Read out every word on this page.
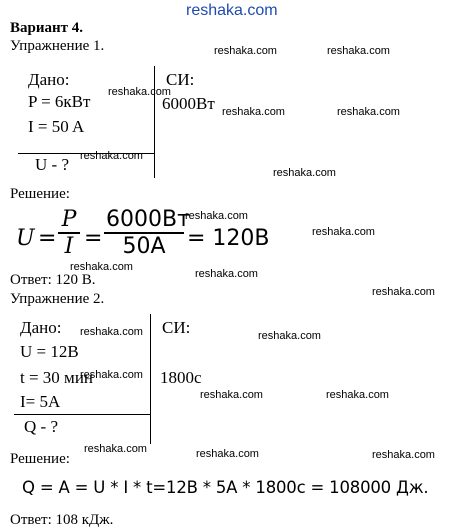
reshaka.com
Вариант 4.
Упражнение 1.
Дано:
P = 6кВт
I = 50 A
U - ?
СИ:
6000Вт
Решение:
U =
P
I =
6000Вт
50А = 120В
Ответ: 120 В.
Упражнение 2.
Дано:
U = 12В
t = 30 мин
I= 5A
Q - ?
СИ:
1800с
Решение:
Q = A = U * I * t=12В * 5А * 1800с = 108000 Дж.
Ответ: 108 кДж.
reshaka.com	reshaka.com
reshaka.com
reshaka.com	reshaka.com
reshaka.com
reshaka.com
reshaka.com
reshaka.com
reshaka.com
reshaka.com
reshaka.com
reshaka.com	reshaka.com
reshaka.com
reshaka.com	reshaka.com
reshaka.com	reshaka.com	reshaka.com
